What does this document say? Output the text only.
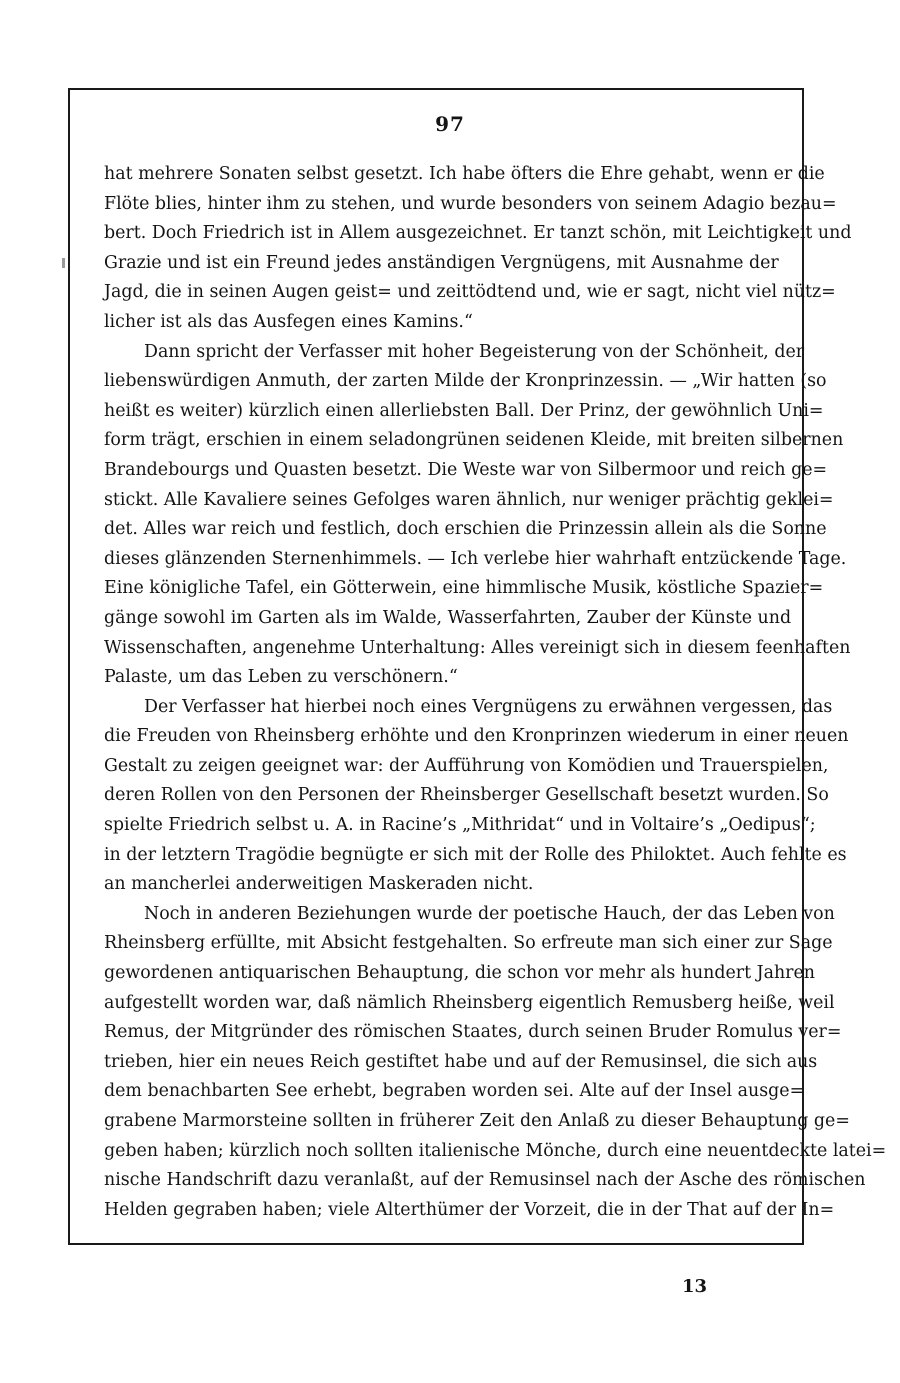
97
hat mehrere Sonaten selbst gesetzt. Ich habe öfters die Ehre gehabt, wenn er die
Flöte blies, hinter ihm zu stehen, und wurde besonders von seinem Adagio bezau=
bert. Doch Friedrich ist in Allem ausgezeichnet. Er tanzt schön, mit Leichtigkeit und
Grazie und ist ein Freund jedes anständigen Vergnügens, mit Ausnahme der
Jagd, die in seinen Augen geist= und zeittödtend und, wie er sagt, nicht viel nütz=
licher ist als das Ausfegen eines Kamins.“
Dann spricht der Verfasser mit hoher Begeisterung von der Schönheit, der
liebenswürdigen Anmuth, der zarten Milde der Kronprinzessin. — „Wir hatten (so
heißt es weiter) kürzlich einen allerliebsten Ball. Der Prinz, der gewöhnlich Uni=
form trägt, erschien in einem seladongrünen seidenen Kleide, mit breiten silbernen
Brandebourgs und Quasten besetzt. Die Weste war von Silbermoor und reich ge=
stickt. Alle Kavaliere seines Gefolges waren ähnlich, nur weniger prächtig geklei=
det. Alles war reich und festlich, doch erschien die Prinzessin allein als die Sonne
dieses glänzenden Sternenhimmels. — Ich verlebe hier wahrhaft entzückende Tage.
Eine königliche Tafel, ein Götterwein, eine himmlische Musik, köstliche Spazier=
gänge sowohl im Garten als im Walde, Wasserfahrten, Zauber der Künste und
Wissenschaften, angenehme Unterhaltung: Alles vereinigt sich in diesem feenhaften
Palaste, um das Leben zu verschönern.“
Der Verfasser hat hierbei noch eines Vergnügens zu erwähnen vergessen, das
die Freuden von Rheinsberg erhöhte und den Kronprinzen wiederum in einer neuen
Gestalt zu zeigen geeignet war: der Aufführung von Komödien und Trauerspielen,
deren Rollen von den Personen der Rheinsberger Gesellschaft besetzt wurden. So
spielte Friedrich selbst u. A. in Racine’s „Mithridat“ und in Voltaire’s „Oedipus“;
in der letztern Tragödie begnügte er sich mit der Rolle des Philoktet. Auch fehlte es
an mancherlei anderweitigen Maskeraden nicht.
Noch in anderen Beziehungen wurde der poetische Hauch, der das Leben von
Rheinsberg erfüllte, mit Absicht festgehalten. So erfreute man sich einer zur Sage
gewordenen antiquarischen Behauptung, die schon vor mehr als hundert Jahren
aufgestellt worden war, daß nämlich Rheinsberg eigentlich Remusberg heiße, weil
Remus, der Mitgründer des römischen Staates, durch seinen Bruder Romulus ver=
trieben, hier ein neues Reich gestiftet habe und auf der Remusinsel, die sich aus
dem benachbarten See erhebt, begraben worden sei. Alte auf der Insel ausge=
grabene Marmorsteine sollten in früherer Zeit den Anlaß zu dieser Behauptung ge=
geben haben; kürzlich noch sollten italienische Mönche, durch eine neuentdeckte latei=
nische Handschrift dazu veranlaßt, auf der Remusinsel nach der Asche des römischen
Helden gegraben haben; viele Alterthümer der Vorzeit, die in der That auf der In=
13
